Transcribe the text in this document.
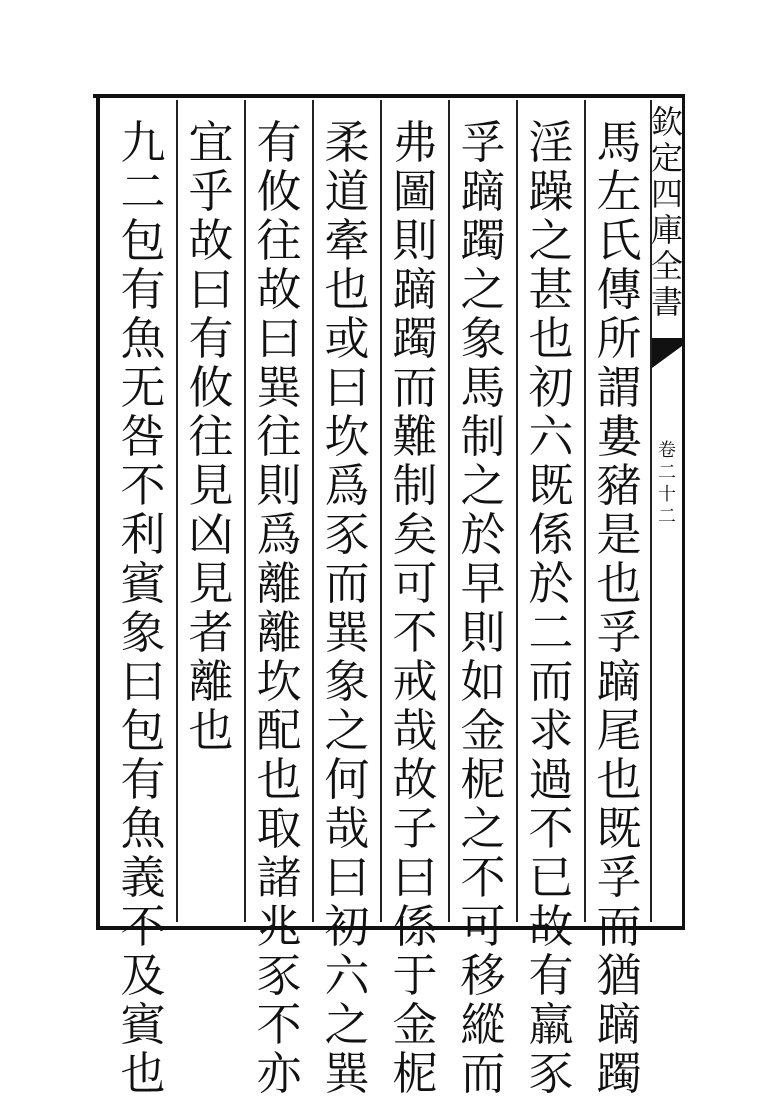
欽
定
四
庫
全
書
卷
二
十
二
馬
左
氏
傳
所
謂
婁
豬
是
也
孚
蹢
尾
也
既
孚
而
猶
蹢
躅
淫
躁
之
甚
也
初
六
既
係
於
二
而
求
過
不
已
故
有
羸
豕
孚
蹢
躅
之
象
馬
制
之
於
早
則
如
金
柅
之
不
可
移
縱
而
弗
圖
則
蹢
躅
而
難
制
矣
可
不
戒
哉
故
子
曰
係
于
金
柅
柔
道
牽
也
或
曰
坎
爲
豕
而
巽
象
之
何
哉
曰
初
六
之
巽
有
攸
往
故
曰
巽
往
則
爲
離
離
坎
配
也
取
諸
兆
豕
不
亦
宜
乎
故
曰
有
攸
往
見
凶
見
者
離
也
九
二
包
有
魚
无
咎
不
利
賓
象
曰
包
有
魚
義
不
及
賓
也
